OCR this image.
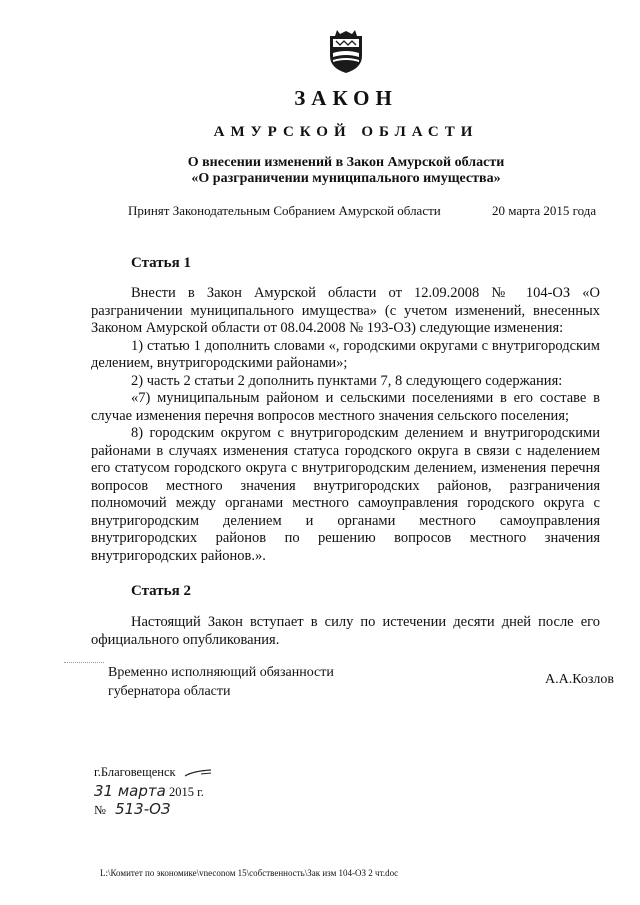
ЗАКОН
АМУРСКОЙ ОБЛАСТИ
О внесении изменений в Закон Амурской области
«О разграничении муниципального имущества»
Принят Законодательным Собранием Амурской области	20 марта 2015 года
Статья 1

Внести в Закон Амурской области от 12.09.2008 № 104-ОЗ «О разграничении муниципального имущества» (с учетом изменений, внесенных Законом Амурской области от 08.04.2008 № 193-ОЗ) следующие изменения:

1) статью 1 дополнить словами «, городскими округами с внутригородским делением, внутригородскими районами»;

2) часть 2 статьи 2 дополнить пунктами 7, 8 следующего содержания:

«7) муниципальным районом и сельскими поселениями в его составе в случае изменения перечня вопросов местного значения сельского поселения;

8) городским округом с внутригородским делением и внутригородскими районами в случаях изменения статуса городского округа в связи с наделением его статусом городского округа с внутригородским делением, изменения перечня вопросов местного значения внутригородских районов, разграничения полномочий между органами местного самоуправления городского округа с внутригородским делением и органами местного самоуправления внутригородских районов по решению вопросов местного значения внутригородских районов.».

Статья 2

Настоящий Закон вступает в силу по истечении десяти дней после его официального опубликования.

Временно исполняющий обязанности
губернатора области
А.А.Козлов
г.Благовещенск
31 марта 2015 г.
№ 513-ОЗ
L:\Комитет по экономике\vnесоnом 15\собственность\Зак изм 104-ОЗ 2 чт.doc
